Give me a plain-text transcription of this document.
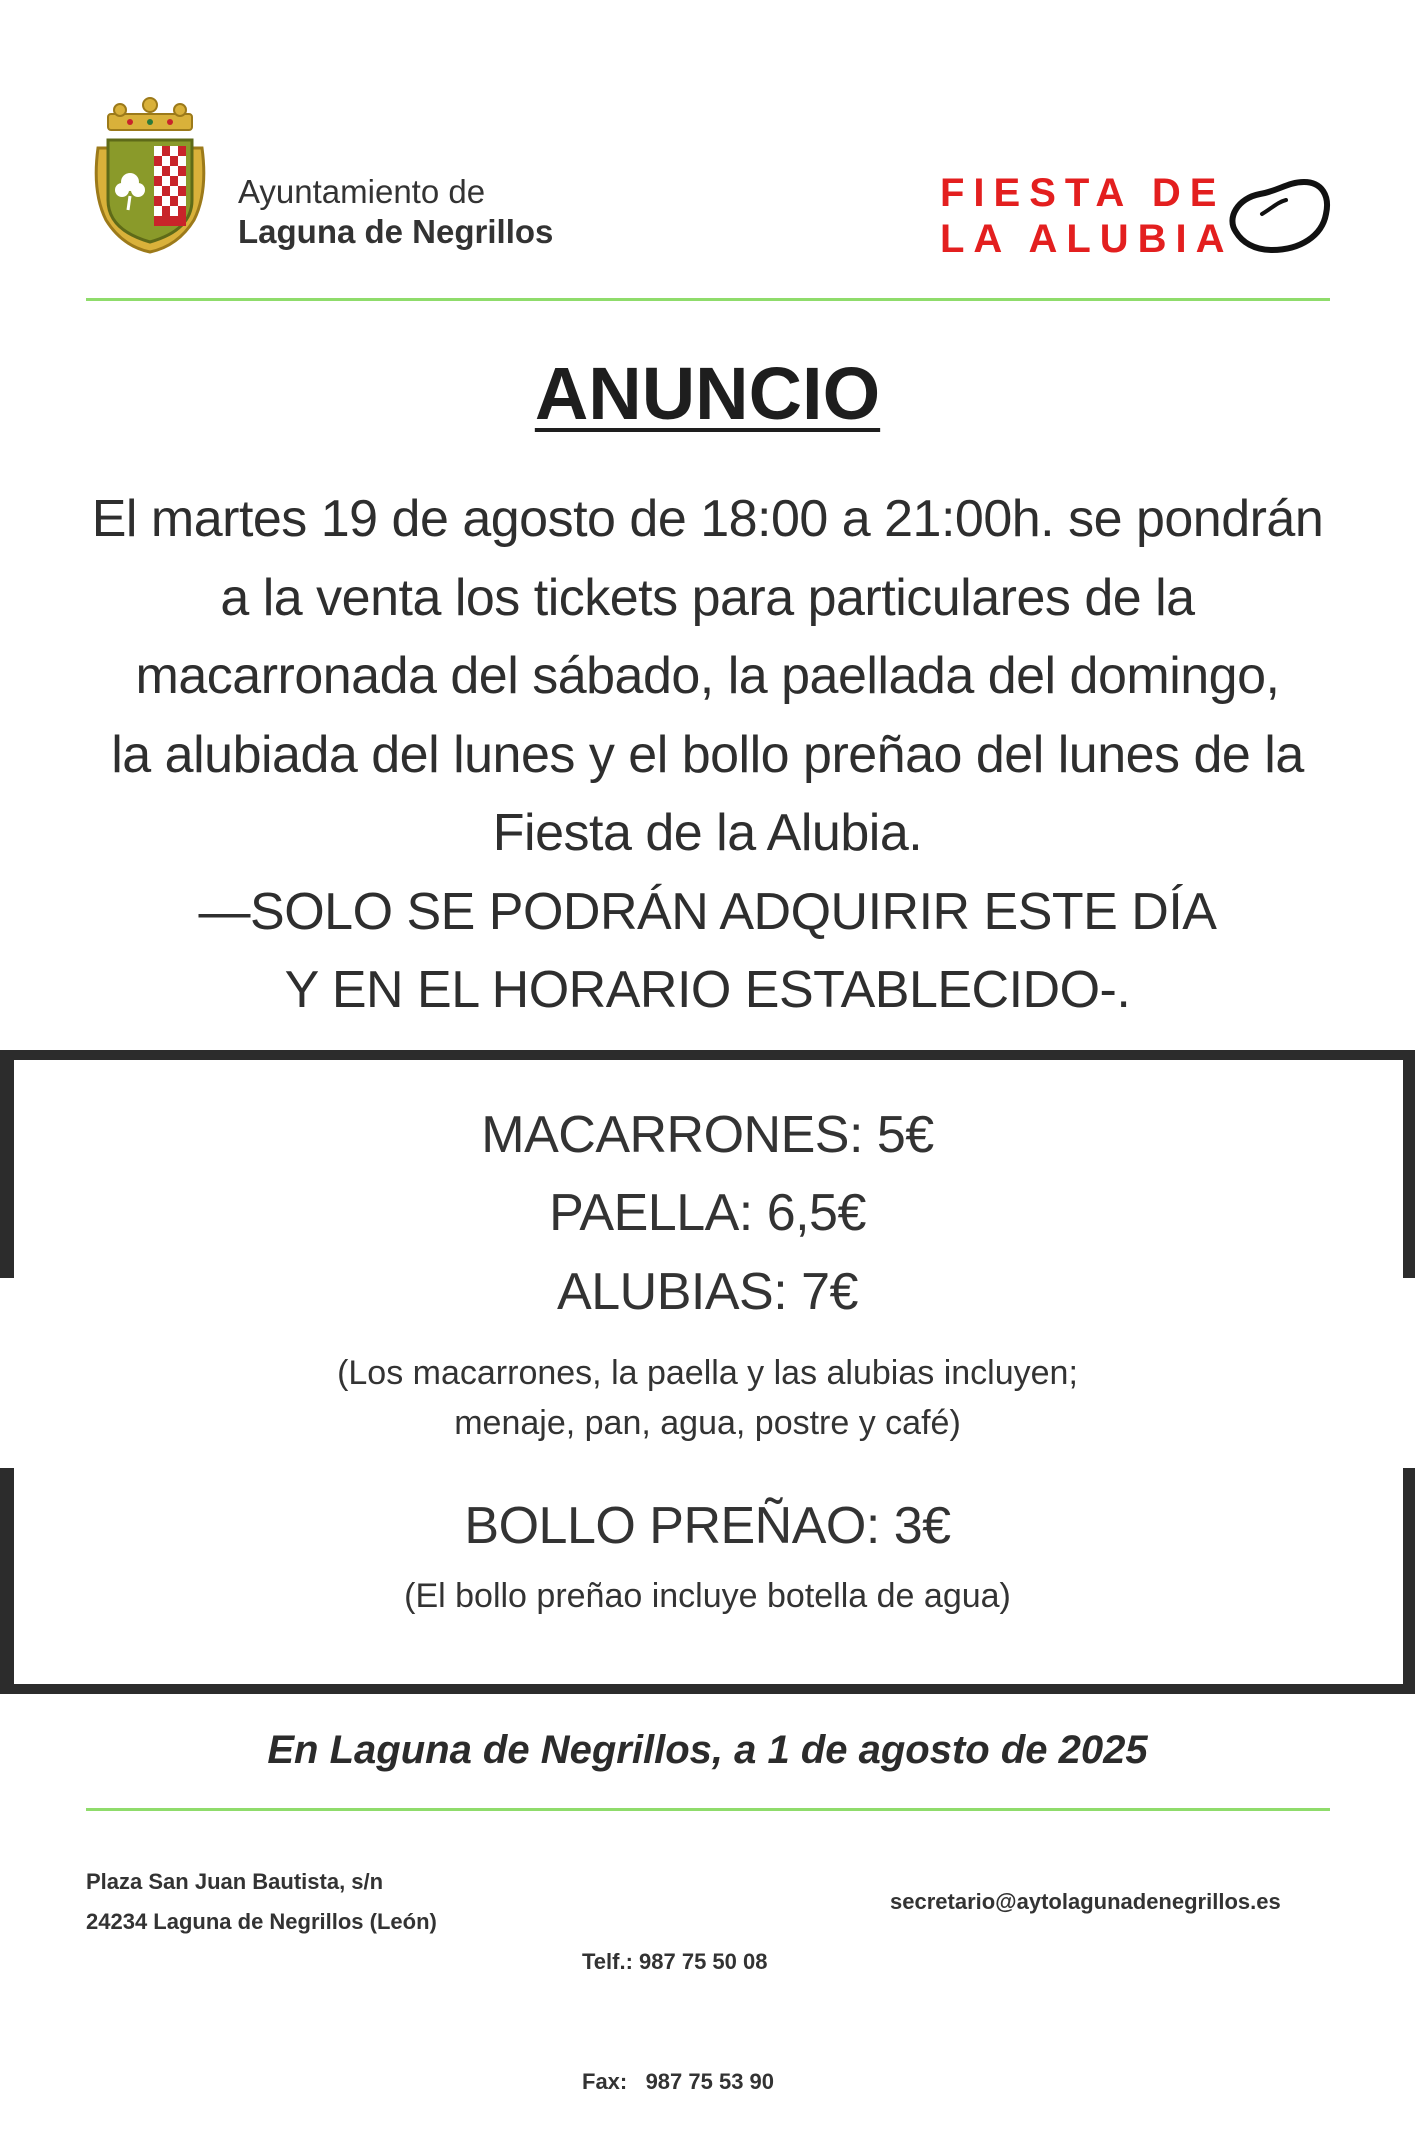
Ayuntamiento de
Laguna de Negrillos
FIESTA DE
LA ALUBIA
ANUNCIO
El martes 19 de agosto de 18:00 a 21:00h. se pondrán
a la venta los tickets para particulares de la
macarronada del sábado, la paellada del domingo,
la alubiada del lunes y el bollo preñao del lunes de la
Fiesta de la Alubia.
—SOLO SE PODRÁN ADQUIRIR ESTE DÍA
Y EN EL HORARIO ESTABLECIDO-.
MACARRONES: 5€
PAELLA: 6,5€
ALUBIAS: 7€
(Los macarrones, la paella y las alubias incluyen;
menaje, pan, agua, postre y café)
BOLLO PREÑAO: 3€
(El bollo preñao incluye botella de agua)
En Laguna de Negrillos, a 1 de agosto de 2025
Plaza San Juan Bautista, s/n
24234 Laguna de Negrillos (León)

Telf.: 987 75 50 08

Fax:   987 75 53 90

secretario@aytolagunadenegrillos.es
